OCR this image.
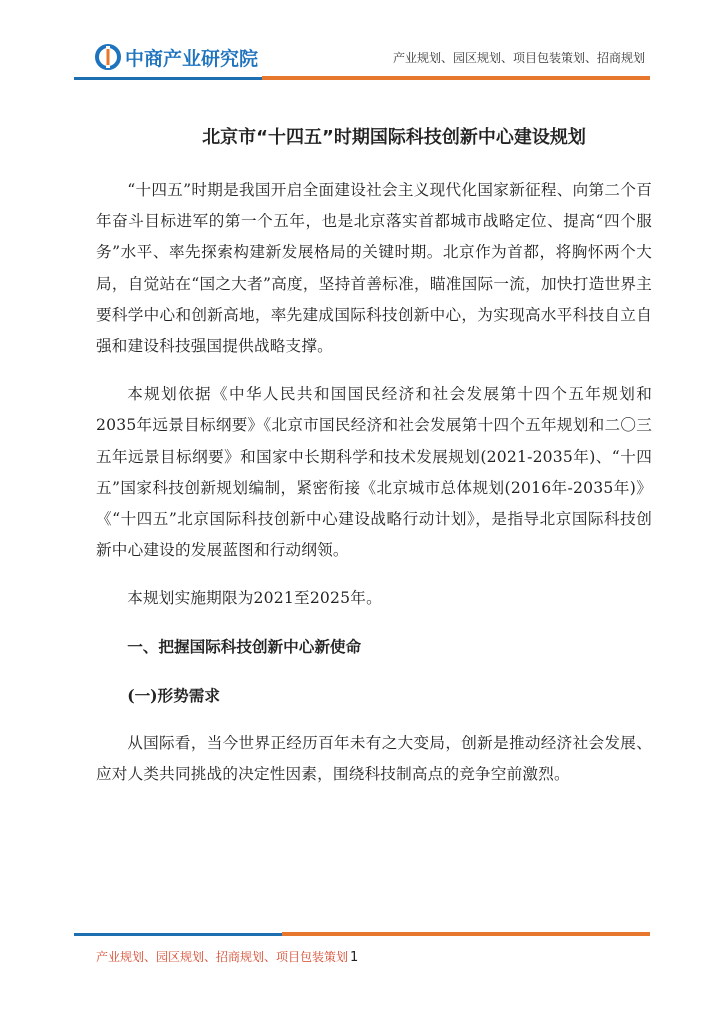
中商产业研究院	产业规划、园区规划、项目包装策划、招商规划
北京市“十四五”时期国际科技创新中心建设规划

“十四五”时期是我国开启全面建设社会主义现代化国家新征程、向第二个百年奋斗目标进军的第一个五年，也是北京落实首都城市战略定位、提高“四个服务”水平、率先探索构建新发展格局的关键时期。北京作为首都，将胸怀两个大局，自觉站在“国之大者”高度，坚持首善标准，瞄准国际一流，加快打造世界主要科学中心和创新高地，率先建成国际科技创新中心，为实现高水平科技自立自强和建设科技强国提供战略支撑。

本规划依据《中华人民共和国国民经济和社会发展第十四个五年规划和2035年远景目标纲要》《北京市国民经济和社会发展第十四个五年规划和二〇三五年远景目标纲要》和国家中长期科学和技术发展规划(2021-2035年)、“十四五”国家科技创新规划编制，紧密衔接《北京城市总体规划(2016年-2035年)》《“十四五”北京国际科技创新中心建设战略行动计划》，是指导北京国际科技创新中心建设的发展蓝图和行动纲领。

本规划实施期限为2021至2025年。

一、把握国际科技创新中心新使命
(一)形势需求

从国际看，当今世界正经历百年未有之大变局，创新是推动经济社会发展、应对人类共同挑战的决定性因素，围绕科技制高点的竞争空前激烈。

产业规划、园区规划、招商规划、项目包装策划 1
